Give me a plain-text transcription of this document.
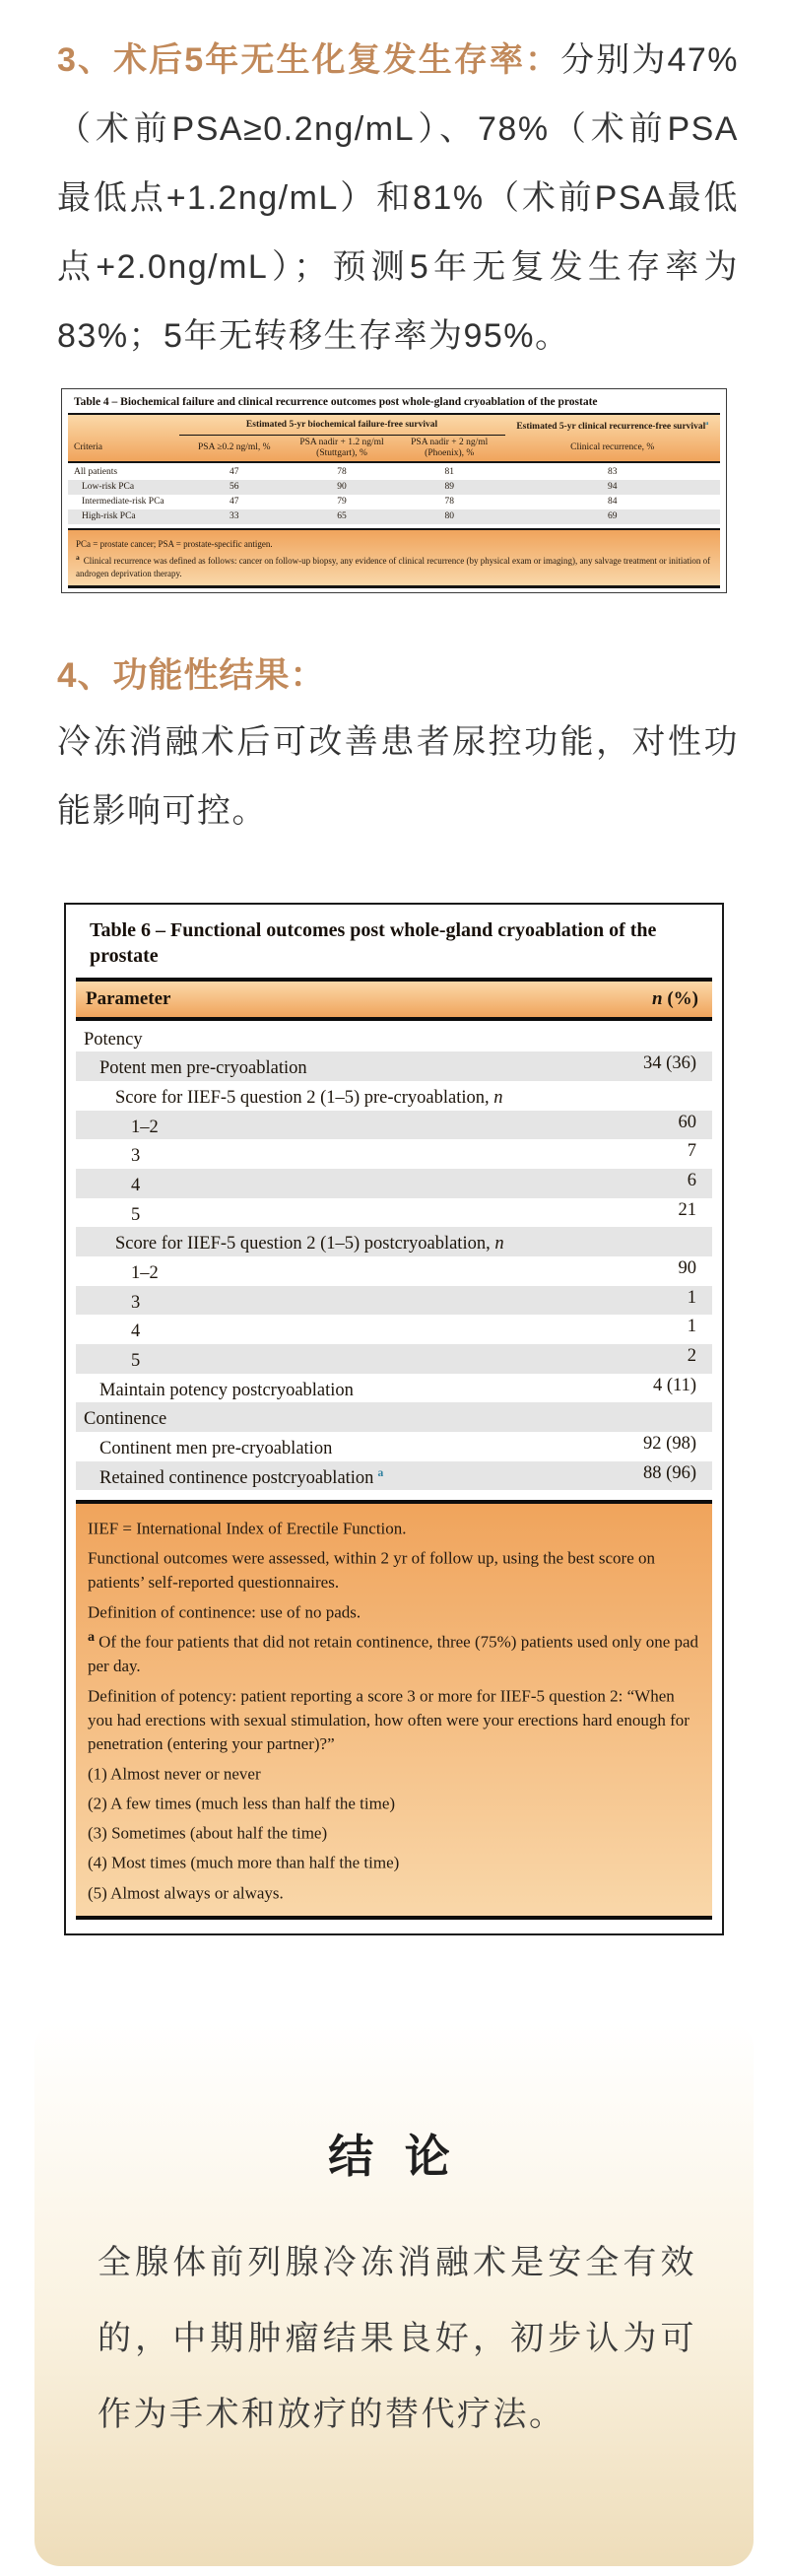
3、术后5年无生化复发生存率：分别为47%（术前PSA≥0.2ng/mL）、78%（术前PSA最低点+1.2ng/mL）和81%（术前PSA最低点+2.0ng/mL）；预测5年无复发生存率为83%；5年无转移生存率为95%。

Table 4 – Biochemical failure and clinical recurrence outcomes post whole-gland cryoablation of the prostate
	Estimated 5-yr biochemical failure-free survival			Estimated 5-yr clinical recurrence-free survival$^a$
Criteria	PSA ≥0.2 ng/ml, %	PSA nadir + 1.2 ng/ml (Stuttgart), %	PSA nadir + 2 ng/ml (Phoenix), %	Clinical recurrence, %
All patients	47	78	81	83
Low-risk PCa	56	90	89	94
Intermediate-risk PCa	47	79	78	84
High-risk PCa	33	65	80	69
PCa = prostate cancer; PSA = prostate-specific antigen.
$^a$ Clinical recurrence was defined as follows: cancer on follow-up biopsy, any evidence of clinical recurrence (by physical exam or imaging), any salvage treatment or initiation of androgen deprivation therapy.
4、功能性结果：

冷冻消融术后可改善患者尿控功能，对性功能影响可控。

Table 6 – Functional outcomes post whole-gland cryoablation of the prostate
Parameter	n (%)
Potency
Potent men pre-cryoablation	34 (36)
Score for IIEF-5 question 2 (1–5) pre-cryoablation, n
1–2	60
3	7
4	6
5	21
Score for IIEF-5 question 2 (1–5) postcryoablation, n
1–2	90
3	1
4	1
5	2
Maintain potency postcryoablation	4 (11)
Continence
Continent men pre-cryoablation	92 (98)
Retained continence postcryoablation $^a$	88 (96)
IIEF = International Index of Erectile Function.
Functional outcomes were assessed, within 2 yr of follow up, using the best score on patients’ self-reported questionnaires.
Definition of continence: use of no pads.
$^a$ Of the four patients that did not retain continence, three (75%) patients used only one pad per day.
Definition of potency: patient reporting a score 3 or more for IIEF-5 question 2: “When you had erections with sexual stimulation, how often were your erections hard enough for penetration (entering your partner)?”
(1) Almost never or never
(2) A few times (much less than half the time)
(3) Sometimes (about half the time)
(4) Most times (much more than half the time)
(5) Almost always or always.
结 论

全腺体前列腺冷冻消融术是安全有效的，中期肿瘤结果良好，初步认为可作为手术和放疗的替代疗法。
